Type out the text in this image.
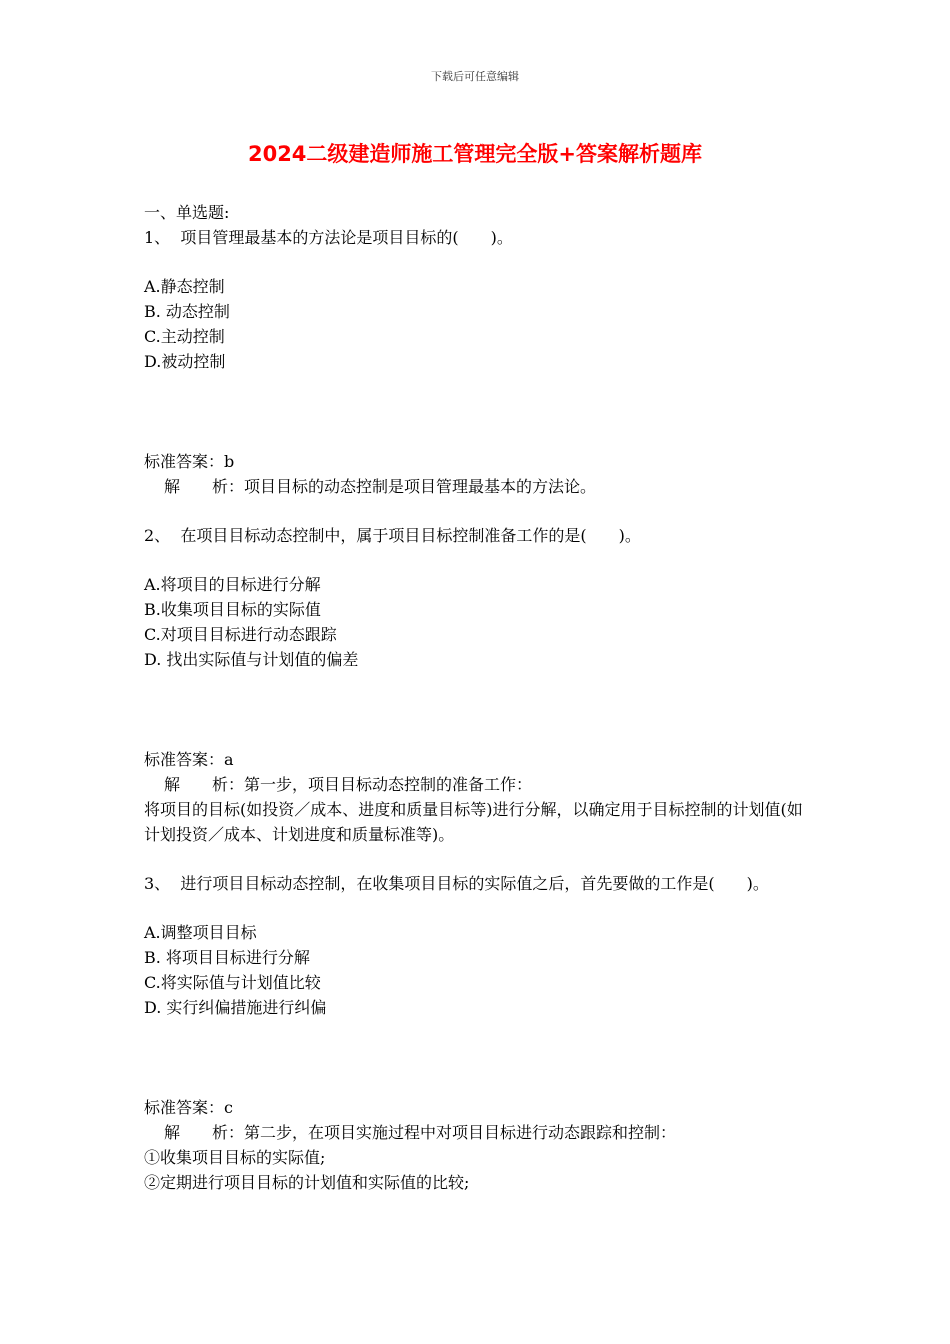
下载后可任意编辑
2024二级建造师施工管理完全版+答案解析题库
一、单选题:
1、 项目管理最基本的方法论是项目目标的(　　)。
A.静态控制
B. 动态控制
C.主动控制
D.被动控制
标准答案：b
解　　析：项目目标的动态控制是项目管理最基本的方法论。
2、 在项目目标动态控制中，属于项目目标控制准备工作的是(　　)。
A.将项目的目标进行分解
B.收集项目目标的实际值
C.对项目目标进行动态跟踪
D. 找出实际值与计划值的偏差
标准答案：a
解　　析：第一步，项目目标动态控制的准备工作：
将项目的目标(如投资／成本、进度和质量目标等)进行分解，以确定用于目标控制的计划值(如计划投资／成本、计划进度和质量标准等)。
3、 进行项目目标动态控制，在收集项目目标的实际值之后，首先要做的工作是(　　)。
A.调整项目目标
B. 将项目目标进行分解
C.将实际值与计划值比较
D. 实行纠偏措施进行纠偏
标准答案：c
解　　析：第二步，在项目实施过程中对项目目标进行动态跟踪和控制：
①收集项目目标的实际值;
②定期进行项目目标的计划值和实际值的比较;
